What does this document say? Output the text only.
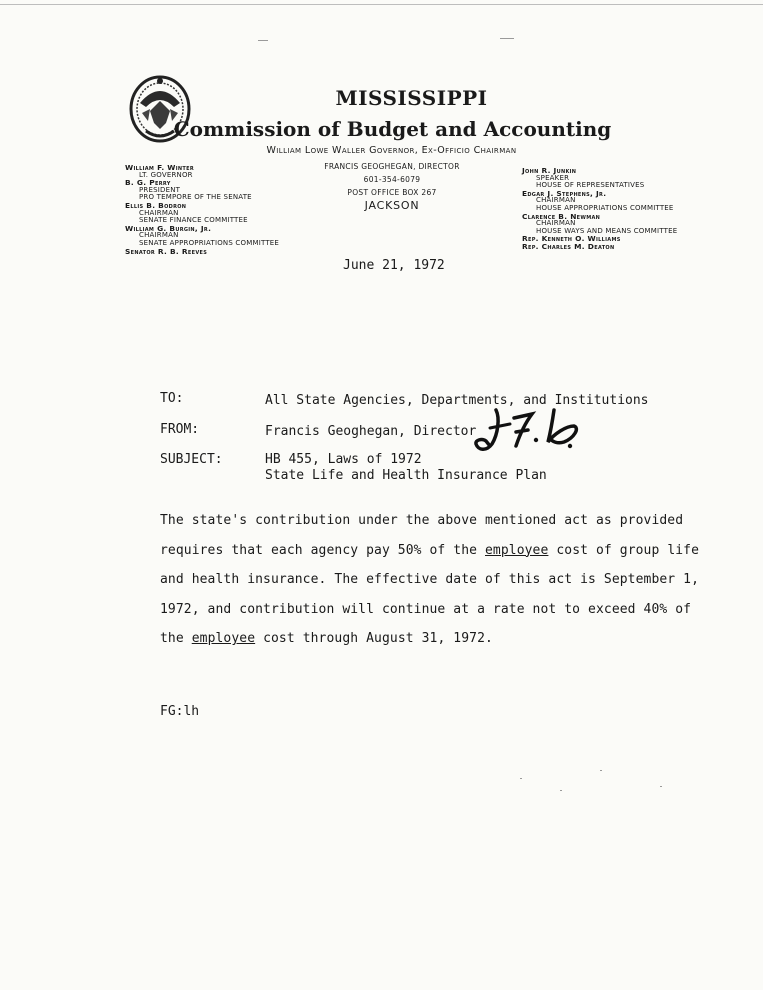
MISSISSIPPI
Commission of Budget and Accounting
William Lowe Waller Governor, Ex-Officio Chairman
William F. Winter
LT. GOVERNOR
B. G. Perry
PRESIDENT
PRO TEMPORE OF THE SENATE
Ellis B. Bodron
CHAIRMAN
SENATE FINANCE COMMITTEE
William G. Burgin, Jr.
CHAIRMAN
SENATE APPROPRIATIONS COMMITTEE
Senator R. B. Reeves
FRANCIS GEOGHEGAN, DIRECTOR
601-354-6079
POST OFFICE BOX 267
JACKSON
John R. Junkin
SPEAKER
HOUSE OF REPRESENTATIVES
Edgar J. Stephens, Jr.
CHAIRMAN
HOUSE APPROPRIATIONS COMMITTEE
Clarence B. Newman
CHAIRMAN
HOUSE WAYS AND MEANS COMMITTEE
Rep. Kenneth O. Williams
Rep. Charles M. Deaton
June 21, 1972
TO:	All State Agencies, Departments, and Institutions
FROM:	Francis Geoghegan, Director
SUBJECT:	HB 455, Laws of 1972
State Life and Health Insurance Plan
The state's contribution under the above mentioned act as provided
requires that each agency pay 50% of the employee cost of group life
and health insurance. The effective date of this act is September 1,
1972, and contribution will continue at a rate not to exceed 40% of
the employee cost through August 31, 1972.
FG:lh
